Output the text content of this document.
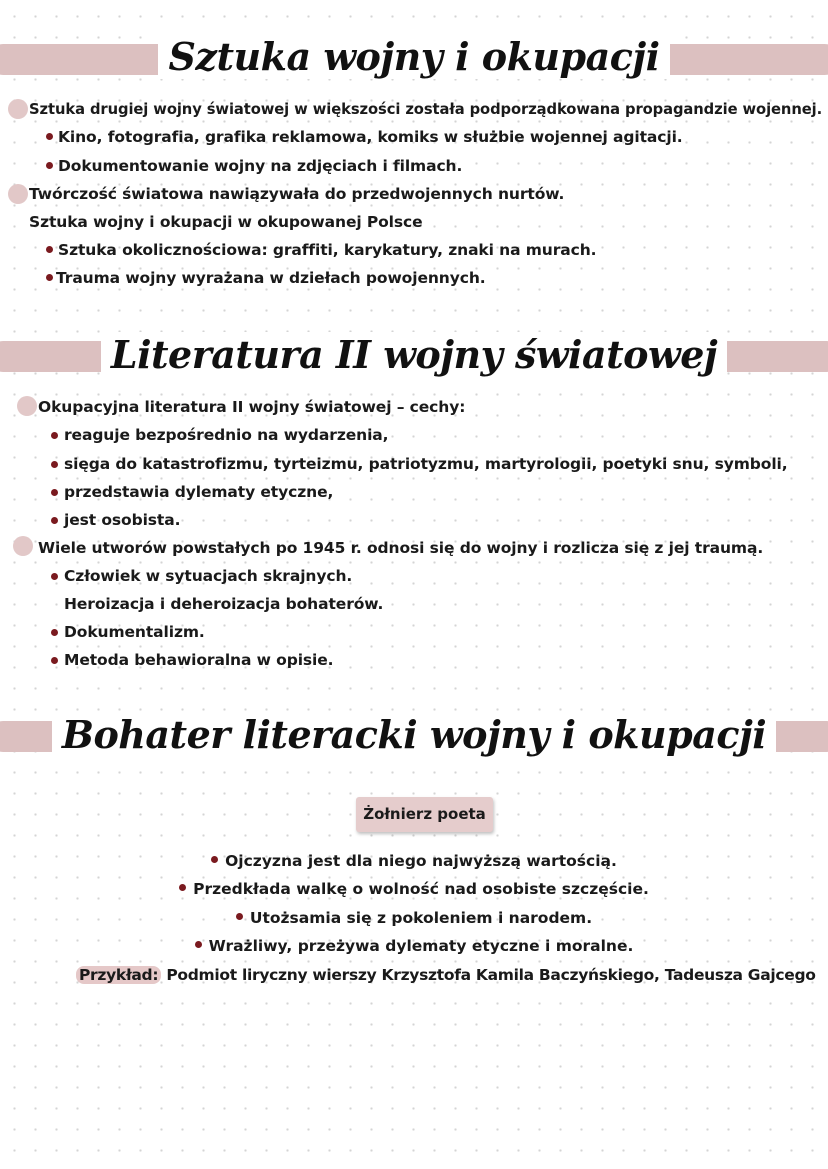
Sztuka wojny i okupacji
Sztuka drugiej wojny światowej w większości została podporządkowana propagandzie wojennej.
Kino, fotografia, grafika reklamowa, komiks w służbie wojennej agitacji.
Dokumentowanie wojny na zdjęciach i filmach.
Twórczość światowa nawiązywała do przedwojennych nurtów.
Sztuka wojny i okupacji w okupowanej Polsce
Sztuka okolicznościowa: graffiti, karykatury, znaki na murach.
Trauma wojny wyrażana w dziełach powojennych.
Literatura II wojny światowej
Okupacyjna literatura II wojny światowej – cechy:
reaguje bezpośrednio na wydarzenia,
sięga do katastrofizmu, tyrteizmu, patriotyzmu, martyrologii, poetyki snu, symboli,
przedstawia dylematy etyczne,
jest osobista.
Wiele utworów powstałych po 1945 r. odnosi się do wojny i rozlicza się z jej traumą.
Człowiek w sytuacjach skrajnych.
Heroizacja i deheroizacja bohaterów.
Dokumentalizm.
Metoda behawioralna w opisie.
Bohater literacki wojny i okupacji
Żołnierz poeta
Ojczyzna jest dla niego najwyższą wartością.
Przedkłada walkę o wolność nad osobiste szczęście.
Utożsamia się z pokoleniem i narodem.
Wrażliwy, przeżywa dylematy etyczne i moralne.
Przykład: Podmiot liryczny wierszy Krzysztofa Kamila Baczyńskiego, Tadeusza Gajcego
